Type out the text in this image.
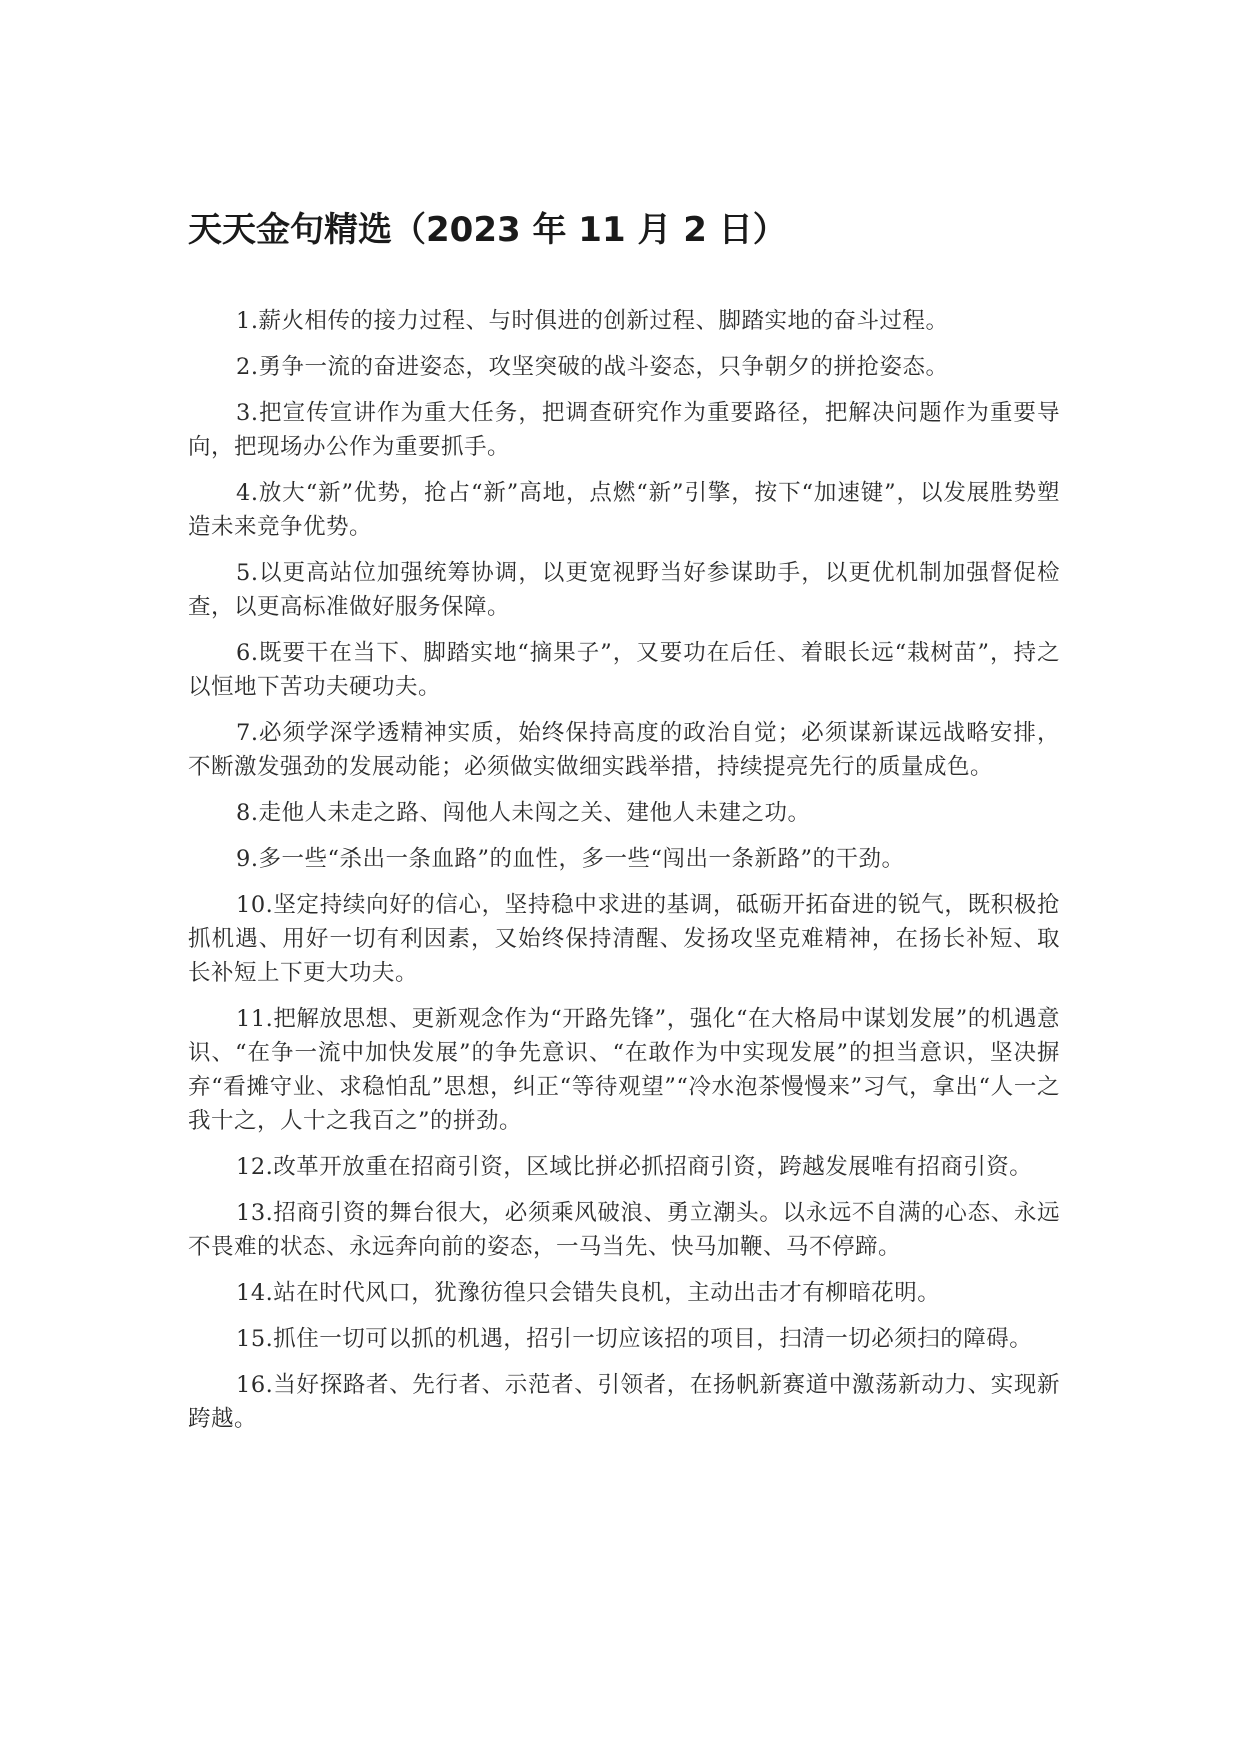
天天金句精选（2023 年 11 月 2 日）

1.薪火相传的接力过程、与时俱进的创新过程、脚踏实地的奋斗过程。

2.勇争一流的奋进姿态，攻坚突破的战斗姿态，只争朝夕的拼抢姿态。

3.把宣传宣讲作为重大任务，把调查研究作为重要路径，把解决问题作为重要导向，把现场办公作为重要抓手。

4.放大“新”优势，抢占“新”高地，点燃“新”引擎，按下“加速键”，以发展胜势塑造未来竞争优势。

5.以更高站位加强统筹协调，以更宽视野当好参谋助手，以更优机制加强督促检查，以更高标准做好服务保障。

6.既要干在当下、脚踏实地“摘果子”，又要功在后任、着眼长远“栽树苗”，持之以恒地下苦功夫硬功夫。

7.必须学深学透精神实质，始终保持高度的政治自觉；必须谋新谋远战略安排，不断激发强劲的发展动能；必须做实做细实践举措，持续提亮先行的质量成色。

8.走他人未走之路、闯他人未闯之关、建他人未建之功。

9.多一些“杀出一条血路”的血性，多一些“闯出一条新路”的干劲。

10.坚定持续向好的信心，坚持稳中求进的基调，砥砺开拓奋进的锐气，既积极抢抓机遇、用好一切有利因素，又始终保持清醒、发扬攻坚克难精神，在扬长补短、取长补短上下更大功夫。

11.把解放思想、更新观念作为“开路先锋”，强化“在大格局中谋划发展”的机遇意识、“在争一流中加快发展”的争先意识、“在敢作为中实现发展”的担当意识，坚决摒弃“看摊守业、求稳怕乱”思想，纠正“等待观望”“冷水泡茶慢慢来”习气，拿出“人一之我十之，人十之我百之”的拼劲。

12.改革开放重在招商引资，区域比拼必抓招商引资，跨越发展唯有招商引资。

13.招商引资的舞台很大，必须乘风破浪、勇立潮头。以永远不自满的心态、永远不畏难的状态、永远奔向前的姿态，一马当先、快马加鞭、马不停蹄。

14.站在时代风口，犹豫彷徨只会错失良机，主动出击才有柳暗花明。

15.抓住一切可以抓的机遇，招引一切应该招的项目，扫清一切必须扫的障碍。

16.当好探路者、先行者、示范者、引领者，在扬帆新赛道中激荡新动力、实现新跨越。
